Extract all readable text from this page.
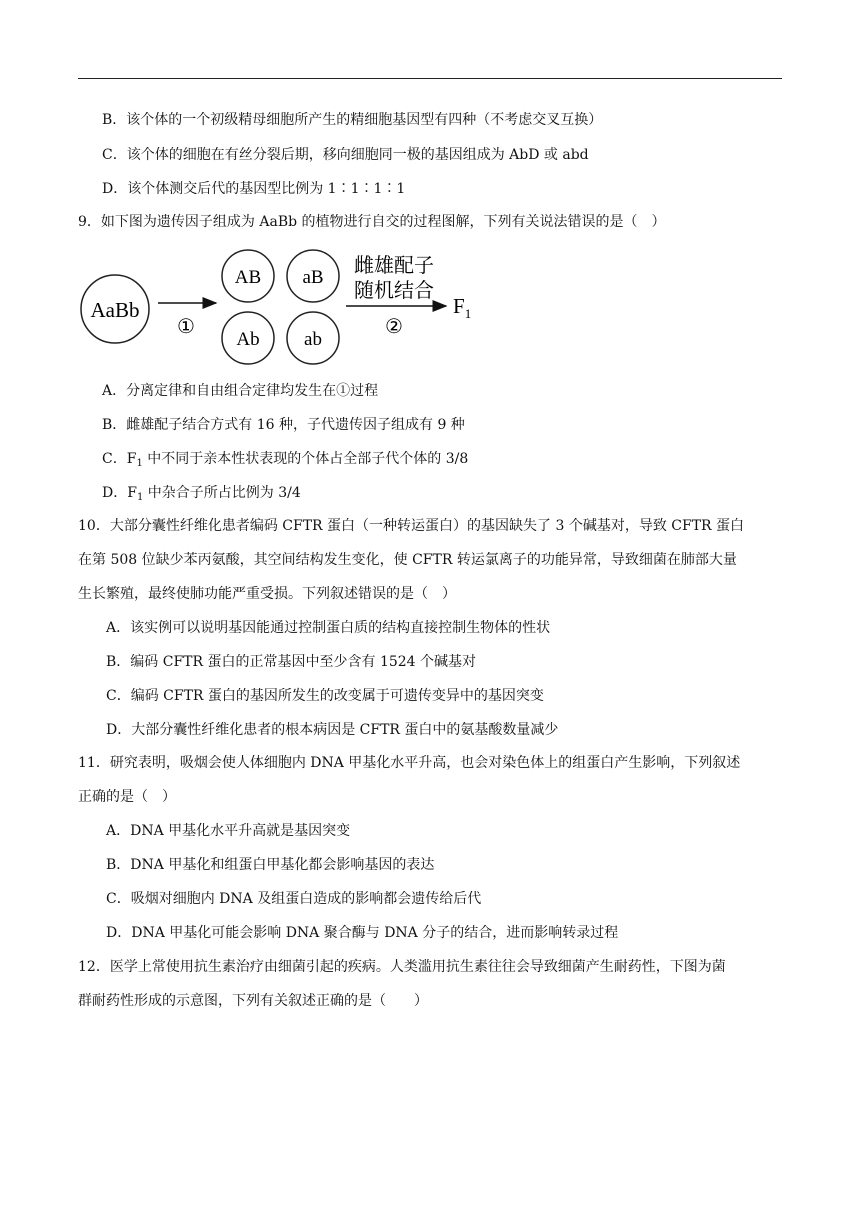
B．该个体的一个初级精母细胞所产生的精细胞基因型有四种（不考虑交叉互换）
C．该个体的细胞在有丝分裂后期，移向细胞同一极的基因组成为 AbD 或 abd
D．该个体测交后代的基因型比例为 1∶1∶1∶1
9．如下图为遗传因子组成为 AaBb 的植物进行自交的过程图解，下列有关说法错误的是（　）
AaBb
①
AB aB
Ab ab
雌雄配子
随机结合
②
$F_1$
A．分离定律和自由组合定律均发生在①过程
B．雌雄配子结合方式有 16 种，子代遗传因子组成有 9 种
C．$F_1$ 中不同于亲本性状表现的个体占全部子代个体的 3/8
D．$F_1$ 中杂合子所占比例为 3/4
10．大部分囊性纤维化患者编码 CFTR 蛋白（一种转运蛋白）的基因缺失了 3 个碱基对，导致 CFTR 蛋白
在第 508 位缺少苯丙氨酸，其空间结构发生变化，使 CFTR 转运氯离子的功能异常，导致细菌在肺部大量
生长繁殖，最终使肺功能严重受损。下列叙述错误的是（　）
A．该实例可以说明基因能通过控制蛋白质的结构直接控制生物体的性状
B．编码 CFTR 蛋白的正常基因中至少含有 1524 个碱基对
C．编码 CFTR 蛋白的基因所发生的改变属于可遗传变异中的基因突变
D．大部分囊性纤维化患者的根本病因是 CFTR 蛋白中的氨基酸数量减少
11．研究表明，吸烟会使人体细胞内 DNA 甲基化水平升高，也会对染色体上的组蛋白产生影响，下列叙述
正确的是（　）
A．DNA 甲基化水平升高就是基因突变
B．DNA 甲基化和组蛋白甲基化都会影响基因的表达
C．吸烟对细胞内 DNA 及组蛋白造成的影响都会遗传给后代
D．DNA 甲基化可能会影响 DNA 聚合酶与 DNA 分子的结合，进而影响转录过程
12．医学上常使用抗生素治疗由细菌引起的疾病。人类滥用抗生素往往会导致细菌产生耐药性，下图为菌
群耐药性形成的示意图，下列有关叙述正确的是（　　）
